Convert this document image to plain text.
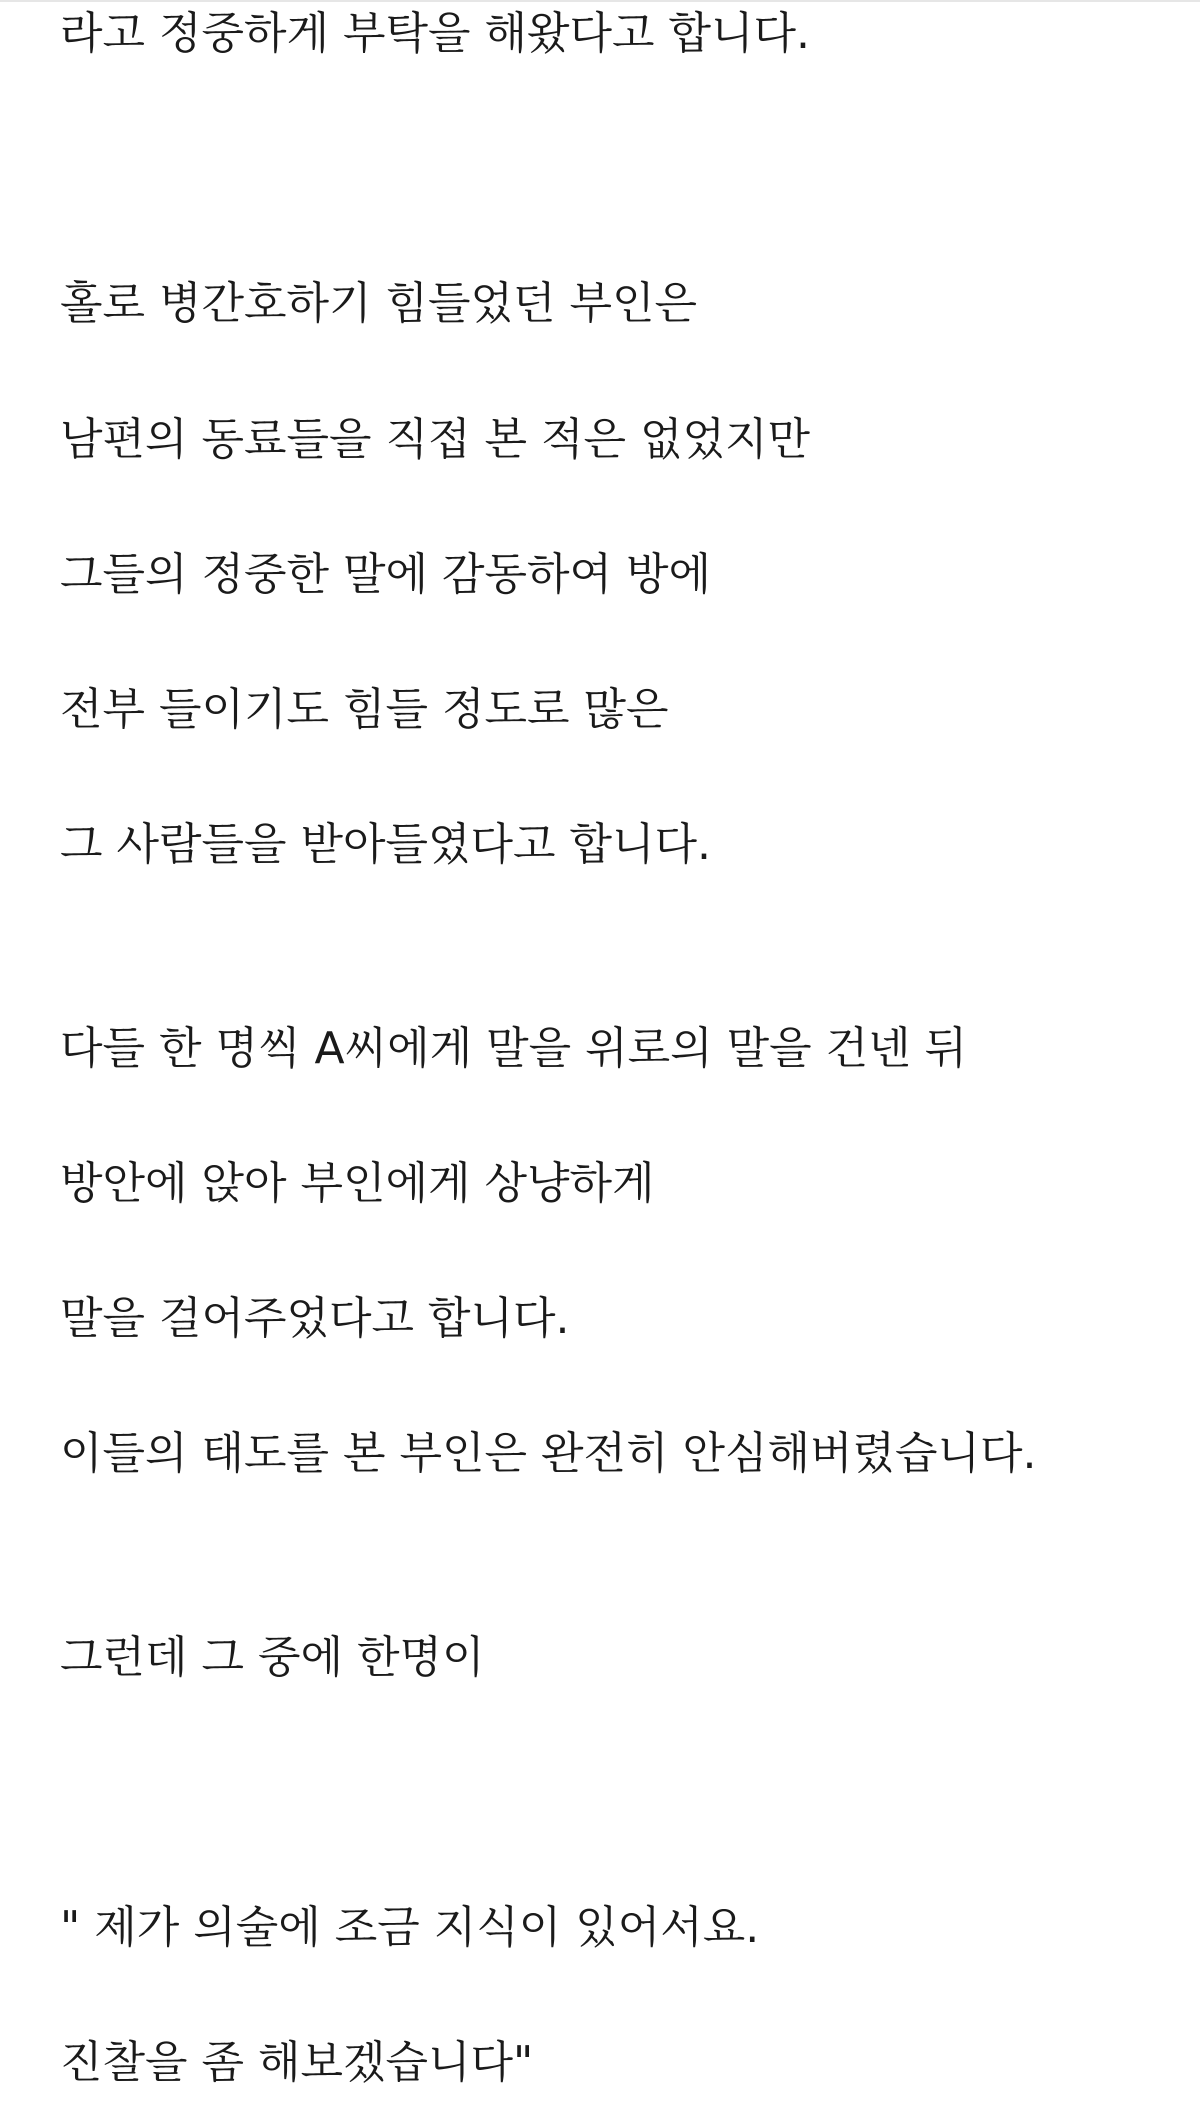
라고 정중하게 부탁을 해왔다고 합니다.

홀로 병간호하기 힘들었던 부인은

남편의 동료들을 직접 본 적은 없었지만

그들의 정중한 말에 감동하여 방에

전부 들이기도 힘들 정도로 많은

그 사람들을 받아들였다고 합니다.

다들 한 명씩 A씨에게 말을 위로의 말을 건넨 뒤

방안에 앉아 부인에게 상냥하게

말을 걸어주었다고 합니다.

이들의 태도를 본 부인은 완전히 안심해버렸습니다.

그런데 그 중에 한명이

" 제가 의술에 조금 지식이 있어서요.

진찰을 좀 해보겠습니다"
